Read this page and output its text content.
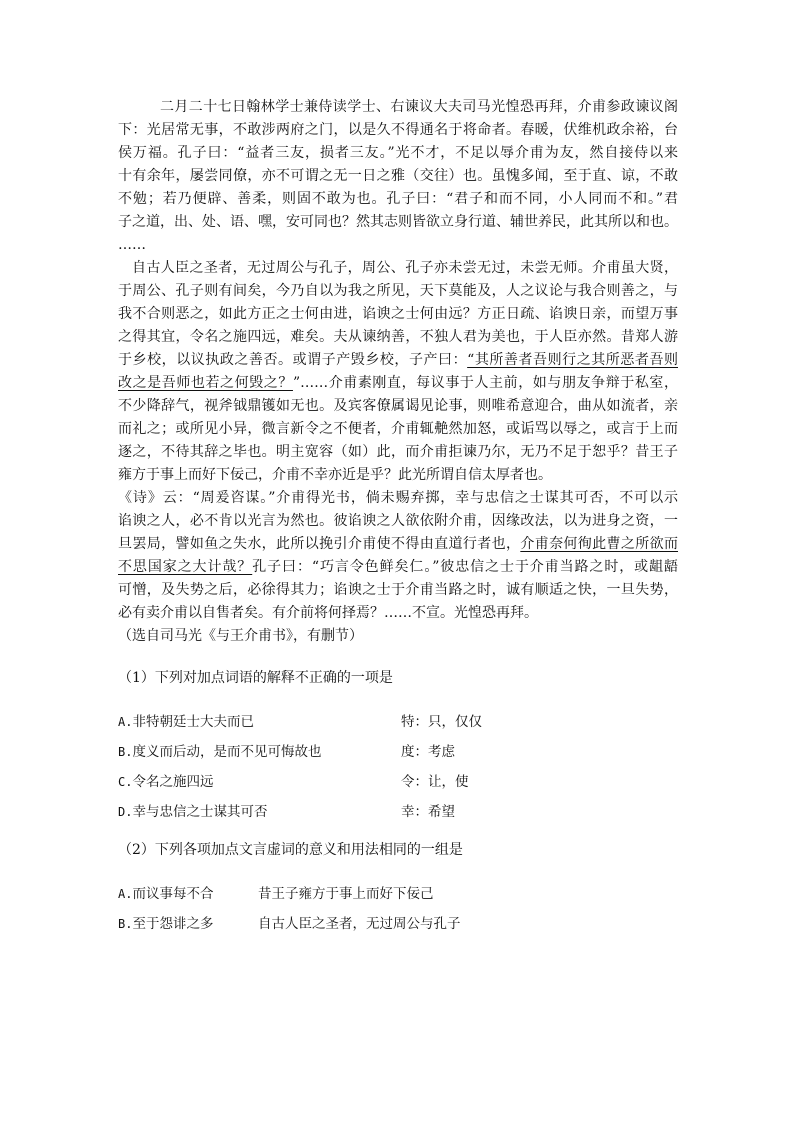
二月二十七日翰林学士兼侍读学士、右谏议大夫司马光惶恐再拜，介甫参政谏议阁
下：光居常无事，不敢涉两府之门，以是久不得通名于将命者。春暖，伏维机政余裕，台
侯万福。孔子曰：“益者三友，损者三友。”光不才，不足以辱介甫为友，然自接侍以来
十有余年，屡尝同僚，亦不可谓之无一日之雅（交往）也。虽愧多闻，至于直、谅，不敢
不勉；若乃便辟、善柔，则固不敢为也。孔子曰：“君子和而不同，小人同而不和。”君
子之道，出、处、语、嘿，安可同也？然其志则皆欲立身行道、辅世养民，此其所以和也。
……
自古人臣之圣者，无过周公与孔子，周公、孔子亦未尝无过，未尝无师。介甫虽大贤，
于周公、孔子则有间矣，今乃自以为我之所见，天下莫能及，人之议论与我合则善之，与
我不合则恶之，如此方正之士何由进，谄谀之士何由远？方正日疏、谄谀日亲，而望万事
之得其宜，令名之施四远，难矣。夫从谏纳善，不独人君为美也，于人臣亦然。昔郑人游
于乡校，以议执政之善否。或谓子产毁乡校，子产曰：“其所善者吾则行之其所恶者吾则
改之是吾师也若之何毁之？”……介甫素刚直，每议事于人主前，如与朋友争辩于私室，
不少降辞气，视斧钺鼎镬如无也。及宾客僚属谒见论事，则唯希意迎合，曲从如流者，亲
而礼之；或所见小异，微言新令之不便者，介甫辄艴然加怒，或诟骂以辱之，或言于上而
逐之，不待其辞之毕也。明主宽容（如）此，而介甫拒谏乃尔，无乃不足于恕乎？昔王子
雍方于事上而好下佞己，介甫不幸亦近是乎？此光所谓自信太厚者也。
《诗》云：“周爰咨谋。”介甫得光书，倘未赐弃掷，幸与忠信之士谋其可否，不可以示
谄谀之人，必不肯以光言为然也。彼谄谀之人欲依附介甫，因缘改法，以为进身之资，一
旦罢局，譬如鱼之失水，此所以挽引介甫使不得由直道行者也，介甫奈何徇此曹之所欲而
不思国家之大计哉？孔子曰：“巧言令色鲜矣仁。”彼忠信之士于介甫当路之时，或龃龉
可憎，及失势之后，必徐得其力；谄谀之士于介甫当路之时，诚有顺适之快，一旦失势，
必有卖介甫以自售者矣。有介前将何择焉？……不宣。光惶恐再拜。
（选自司马光《与王介甫书》，有删节）
（1）下列对加点词语的解释不正确的一项是
A.非特朝廷士大夫而已	特：只，仅仅
B.度义而后动，是而不见可悔故也	度：考虑
C.令名之施四远	令：让，使
D.幸与忠信之士谋其可否	幸：希望
（2）下列各项加点文言虚词的意义和用法相同的一组是
A.而议事每不合	昔王子雍方于事上而好下佞己
B.至于怨诽之多	自古人臣之圣者，无过周公与孔子
